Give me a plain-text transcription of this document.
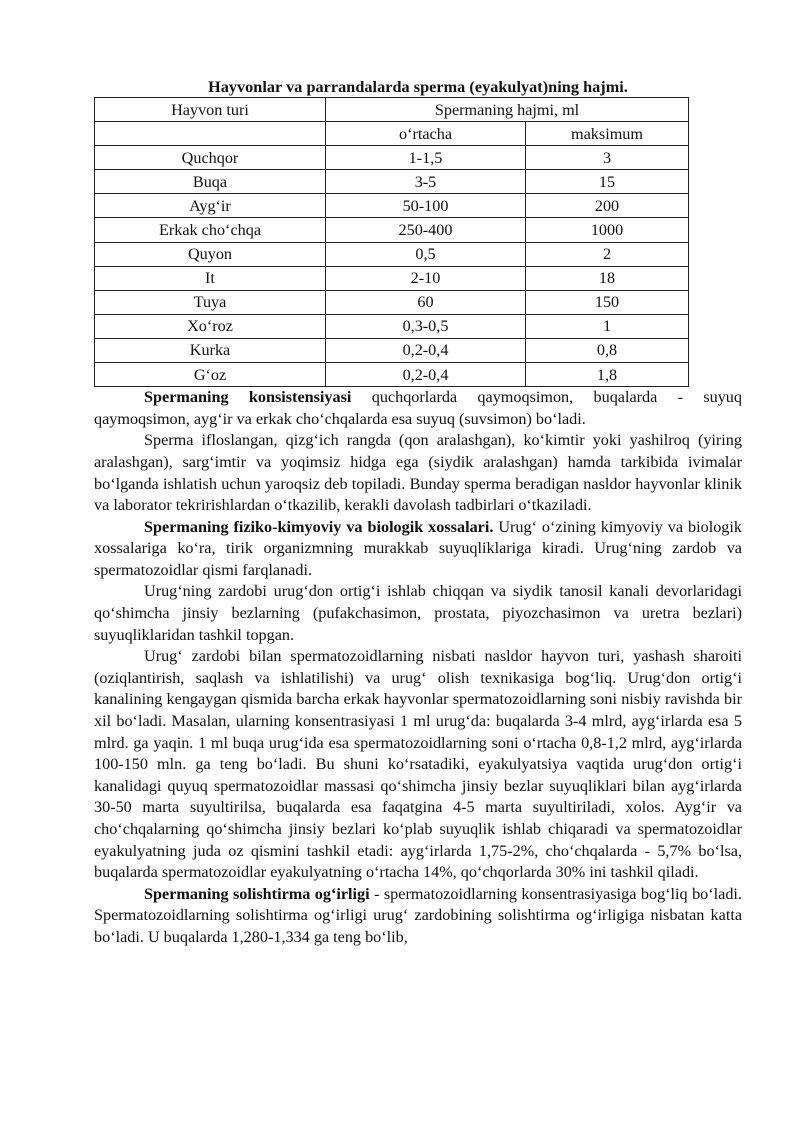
Hayvonlar va parrandalarda sperma (eyakulyat)ning hajmi.
Hayvon turi	Spermaning hajmi, ml	
	o‘rtacha	maksimum
Quchqor	1-1,5	3
Buqa	3-5	15
Ayg‘ir	50-100	200
Erkak cho‘chqa	250-400	1000
Quyon	0,5	2
It	2-10	18
Tuya	60	150
Xo‘roz	0,3-0,5	1
Kurka	0,2-0,4	0,8
G‘oz	0,2-0,4	1,8

Spermaning konsistensiyasi quchqorlarda qaymoqsimon, buqalarda - suyuq qaymoqsimon, ayg‘ir va erkak cho‘chqalarda esa suyuq (suvsimon) bo‘ladi.

Sperma ifloslangan, qizg‘ich rangda (qon aralashgan), ko‘kimtir yoki yashilroq (yiring aralashgan), sarg‘imtir va yoqimsiz hidga ega (siydik aralashgan) hamda tarkibida ivimalar bo‘lganda ishlatish uchun yaroqsiz deb topiladi. Bunday sperma beradigan nasldor hayvonlar klinik va laborator tekririshlardan o‘tkazilib, kerakli davolash tadbirlari o‘tkaziladi.

Spermaning fiziko-kimyoviy va biologik xossalari. Urug‘ o‘zining kimyoviy va biologik xossalariga ko‘ra, tirik organizmning murakkab suyuqliklariga kiradi. Urug‘ning zardob va spermatozoidlar qismi farqlanadi.

Urug‘ning zardobi urug‘don ortig‘i ishlab chiqqan va siydik tanosil kanali devorlaridagi qo‘shimcha jinsiy bezlarning (pufakchasimon, prostata, piyozchasimon va uretra bezlari) suyuqliklaridan tashkil topgan.

Urug‘ zardobi bilan spermatozoidlarning nisbati nasldor hayvon turi, yashash sharoiti (oziqlantirish, saqlash va ishlatilishi) va urug‘ olish texnikasiga bog‘liq. Urug‘don ortig‘i kanalining kengaygan qismida barcha erkak hayvonlar spermatozoidlarning soni nisbiy ravishda bir xil bo‘ladi. Masalan, ularning konsentrasiyasi 1 ml urug‘da: buqalarda 3-4 mlrd, ayg‘irlarda esa 5 mlrd. ga yaqin. 1 ml buqa urug‘ida esa spermatozoidlarning soni o‘rtacha 0,8-1,2 mlrd, ayg‘irlarda 100-150 mln. ga teng bo‘ladi. Bu shuni ko‘rsatadiki, eyakulyatsiya vaqtida urug‘don ortig‘i kanalidagi quyuq spermatozoidlar massasi qo‘shimcha jinsiy bezlar suyuqliklari bilan ayg‘irlarda 30-50 marta suyultirilsa, buqalarda esa faqatgina 4-5 marta suyultiriladi, xolos. Ayg‘ir va cho‘chqalarning qo‘shimcha jinsiy bezlari ko‘plab suyuqlik ishlab chiqaradi va spermatozoidlar eyakulyatning juda oz qismini tashkil etadi: ayg‘irlarda 1,75-2%, cho‘chqalarda - 5,7% bo‘lsa, buqalarda spermatozoidlar eyakulyatning o‘rtacha 14%, qo‘chqorlarda 30% ini tashkil qiladi.

Spermaning solishtirma og‘irligi - spermatozoidlarning konsentrasiyasiga bog‘liq bo‘ladi. Spermatozoidlarning solishtirma og‘irligi urug‘ zardobining solishtirma og‘irligiga nisbatan katta bo‘ladi. U buqalarda 1,280-1,334 ga teng bo‘lib,
